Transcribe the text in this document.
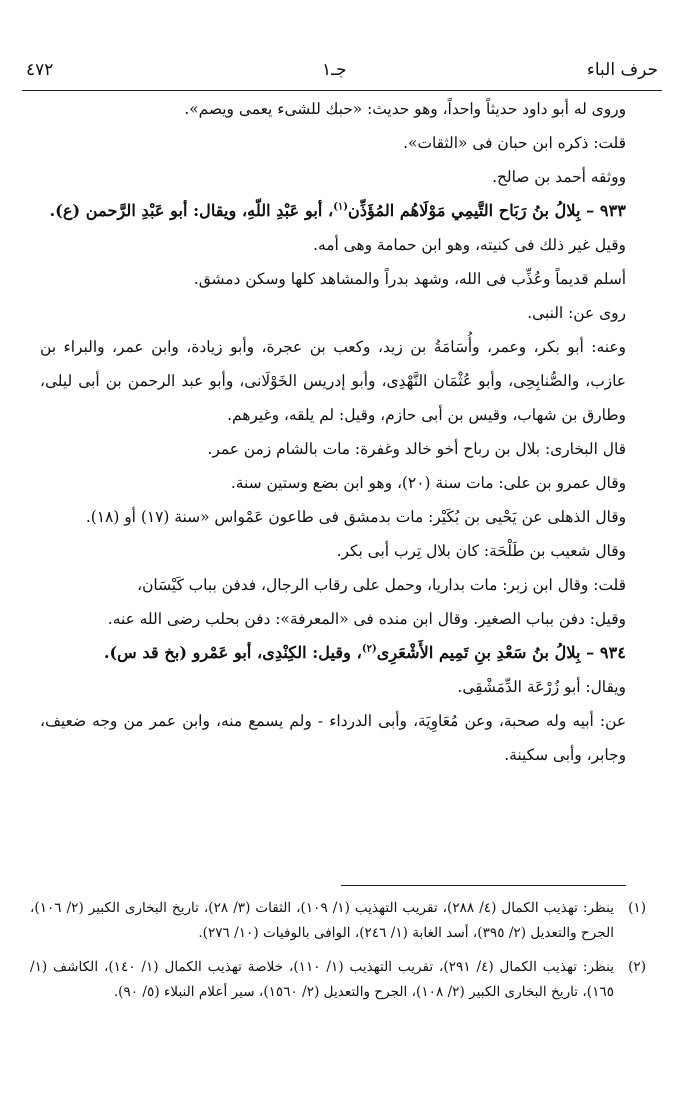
حرف الباء
جـ١
٤٧٢

وروى له أبو داود حديثاً واحداً، وهو حديث: «حبك للشىء يعمى ويصم».

قلت: ذكره ابن حبان فى «الثقات».

ووثقه أحمد بن صالح.

٩٣٣ – بِلالُ بنُ رَبَاح التَّيمِي مَوْلَاهُم المُؤَذِّن$^{(١)}$، أبو عَبْدِ اللّهِ، ويقال: أبو عَبْدِ الرَّحمن (ع).

وقيل غير ذلك فى كنيته، وهو ابن حمامة وهى أمه.

أسلم قديماً وعُذِّب فى الله، وشهد بدراً والمشاهد كلها وسكن دمشق.

روى عن: النبى.

وعنه: أبو بكر، وعمر، وأُسَامَةُ بن زيد، وكعب بن عجرة، وأبو زيادة، وابن عمر، والبراء بن عازب، والصُّنابِحِى، وأبو عُثْمَان النَّهْدِى، وأبو إدريس الخَوْلَانى، وأبو عبد الرحمن بن أبى ليلى، وطارق بن شهاب، وقيس بن أبى حازم، وقيل: لم يلقه، وغيرهم.

قال البخارى: بلال بن رباح أخو خالد وغفرة: مات بالشام زمن عمر.

وقال عمرو بن على: مات سنة (٢٠)، وهو ابن بضع وستين سنة.

وقال الذهلى عن يَحْيى بن بُكَيْر: مات بدمشق فى طاعون عَمْواس «سنة (١٧) أو (١٨).

وقال شعيب بن طَلْحَة: كان بلال تِرب أبى بكر.

قلت: وقال ابن زبر: مات بداريا، وحمل على رقاب الرجال، فدفن بباب كَيْسَان،

وقيل: دفن بباب الصغير. وقال ابن منده فى «المعرفة»: دفن بحلب رضى الله عنه.

٩٣٤ – بِلالُ بنُ سَعْدِ بنِ تَمِيم الأَشْعَرِى$^{(٢)}$، وقيل: الكِنْدِى، أبو عَمْرو (بخ قد س).

ويقال: أبو زُرْعَة الدِّمَشْقِى.

عن: أبيه وله صحبة، وعن مُعَاوِيَة، وأبى الدرداء - ولم يسمع منه، وابن عمر من وجه ضعيف، وجابر، وأبى سكينة.

(١)
ينظر: تهذيب الكمال (٤/ ٢٨٨)، تقريب التهذيب (١/ ١٠٩)، الثقات (٣/ ٢٨)، تاريخ البخارى الكبير (٢/ ١٠٦)، الجرح والتعديل (٢/ ٣٩٥)، أسد الغابة (١/ ٢٤٦)، الوافى بالوفيات (١٠/ ٢٧٦).
(٢)
ينظر: تهذيب الكمال (٤/ ٢٩١)، تقريب التهذيب (١/ ١١٠)، خلاصة تهذيب الكمال (١/ ١٤٠)، الكاشف (١/ ١٦٥)، تاريخ البخارى الكبير (٢/ ١٠٨)، الجرح والتعديل (٢/ ١٥٦٠)، سير أعلام النبلاء (٥/ ٩٠).
